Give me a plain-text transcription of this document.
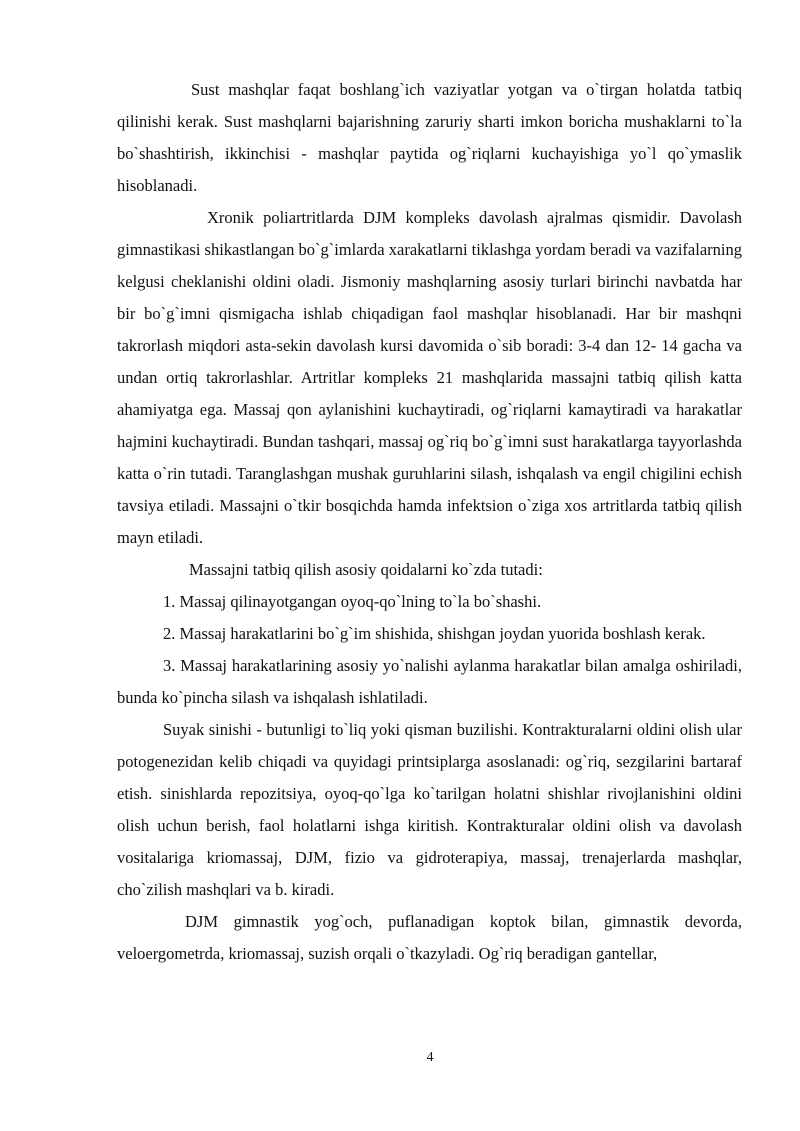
Sust mashqlar faqat boshlang`ich vaziyatlar yotgan va o`tirgan holatda tatbiq qilinishi kerak. Sust mashqlarni bajarishning zaruriy sharti imkon boricha mushaklarni to`la bo`shashtirish, ikkinchisi - mashqlar paytida og`riqlarni kuchayishiga yo`l qo`ymaslik hisoblanadi.

Xronik poliartritlarda DJM kompleks davolash ajralmas qismidir. Davolash gimnastikasi shikastlangan bo`g`imlarda xarakatlarni tiklashga yordam beradi va vazifalarning kelgusi cheklanishi oldini oladi. Jismoniy mashqlarning asosiy turlari birinchi navbatda har bir bo`g`imni qismigacha ishlab chiqadigan faol mashqlar hisoblanadi. Har bir mashqni takrorlash miqdori asta-sekin davolash kursi davomida o`sib boradi: 3-4 dan 12- 14 gacha va undan ortiq takrorlashlar. Artritlar kompleks 21 mashqlarida massajni tatbiq qilish katta ahamiyatga ega. Massaj qon aylanishini kuchaytiradi, og`riqlarni kamaytiradi va harakatlar hajmini kuchaytiradi. Bundan tashqari, massaj og`riq bo`g`imni sust harakatlarga tayyorlashda katta o`rin tutadi. Taranglashgan mushak guruhlarini silash, ishqalash va engil chigilini echish tavsiya etiladi. Massajni o`tkir bosqichda hamda infektsion o`ziga xos artritlarda tatbiq qilish mayn etiladi.

Massajni tatbiq qilish asosiy qoidalarni ko`zda tutadi:

1. Massaj qilinayotgangan oyoq-qo`lning to`la bo`shashi.

2. Massaj harakatlarini bo`g`im shishida, shishgan joydan yuorida boshlash kerak.

3. Massaj harakatlarining asosiy yo`nalishi aylanma harakatlar bilan amalga oshiriladi, bunda ko`pincha silash va ishqalash ishlatiladi.

Suyak sinishi - butunligi to`liq yoki qisman buzilishi. Kontrakturalarni oldini olish ular potogenezidan kelib chiqadi va quyidagi printsiplarga asoslanadi: og`riq, sezgilarini bartaraf etish. sinishlarda repozitsiya, oyoq-qo`lga ko`tarilgan holatni shishlar rivojlanishini oldini olish uchun berish, faol holatlarni ishga kiritish. Kontrakturalar oldini olish va davolash vositalariga kriomassaj, DJM, fizio va gidroterapiya, massaj, trenajerlarda mashqlar, cho`zilish mashqlari va b. kiradi.

DJM gimnastik yog`och, puflanadigan koptok bilan, gimnastik devorda, veloergometrda, kriomassaj, suzish orqali o`tkazyladi. Og`riq beradigan gantellar,

4
